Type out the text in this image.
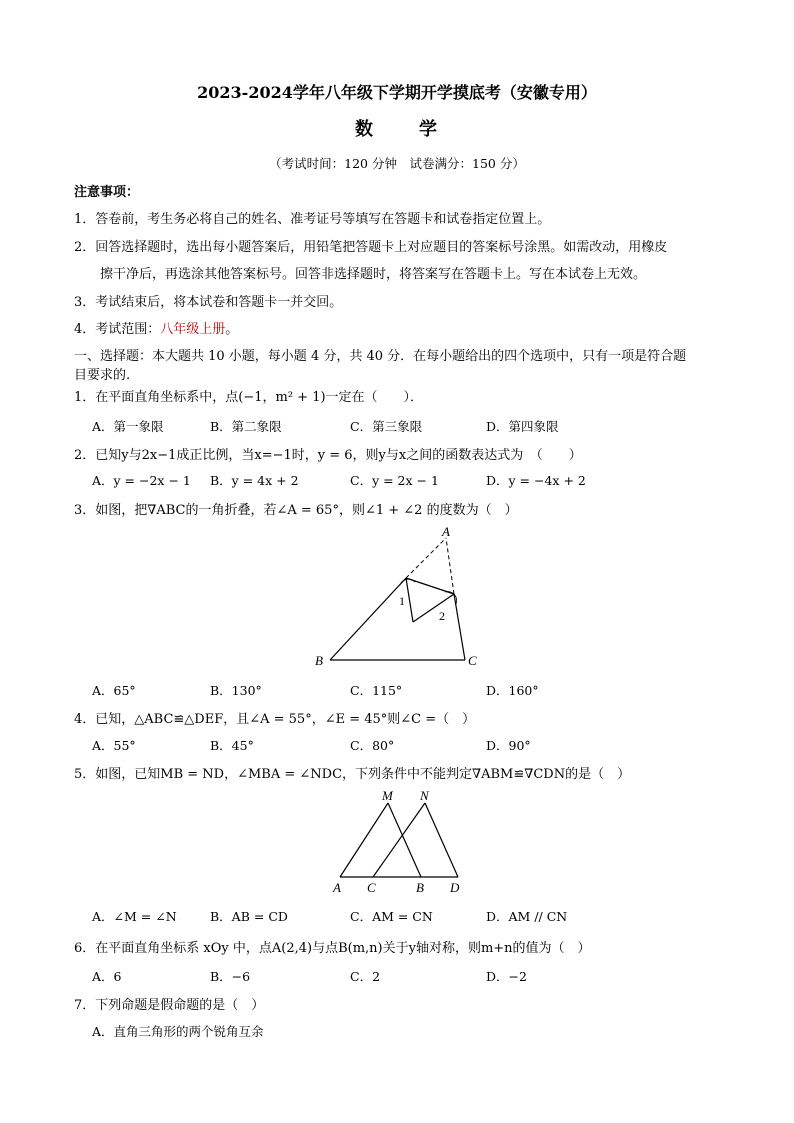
2023-2024学年八年级下学期开学摸底考（安徽专用）
数 学
（考试时间：120 分钟　试卷满分：150 分）
注意事项：
1．答卷前，考生务必将自己的姓名、准考证号等填写在答题卡和试卷指定位置上。
2．回答选择题时，选出每小题答案后，用铅笔把答题卡上对应题目的答案标号涂黑。如需改动，用橡皮
擦干净后，再选涂其他答案标号。回答非选择题时，将答案写在答题卡上。写在本试卷上无效。
3．考试结束后，将本试卷和答题卡一并交回。
4．考试范围：八年级上册。
一、选择题：本大题共 10 小题，每小题 4 分，共 40 分．在每小题给出的四个选项中，只有一项是符合题
目要求的.
1．在平面直角坐标系中，点(−1，m² + 1)一定在（　　）．
A．第一象限	B．第二象限	C．第三象限	D．第四象限
2．已知y与2x−1成正比例，当x=−1时，y = 6，则y与x之间的函数表达式为　（　　）
A．y = −2x − 1 B．y = 4x + 2	C．y = 2x − 1	D．y = −4x + 2
3．如图，把∇ABC的一角折叠，若∠A = 65°，则∠1 + ∠2 的度数为（　）
A
B	C
1
2
A．65°	B．130°	C．115°	D．160°
4．已知，△ABC≌△DEF，且∠A = 55°，∠E = 45°则∠C =（　）
A．55°	B．45°	C．80°	D．90°
5．如图，已知MB = ND，∠MBA = ∠NDC，下列条件中不能判定∇ABM≌∇CDN的是（　）
M N
A C	B D
A．∠M = ∠N	B．AB = CD	C．AM = CN	D．AM // CN
6．在平面直角坐标系 xOy 中，点A(2,4)与点B(m,n)关于y轴对称，则m+n的值为（　）
A．6	B．−6	C．2	D．−2
7．下列命题是假命题的是（　）
A．直角三角形的两个锐角互余
